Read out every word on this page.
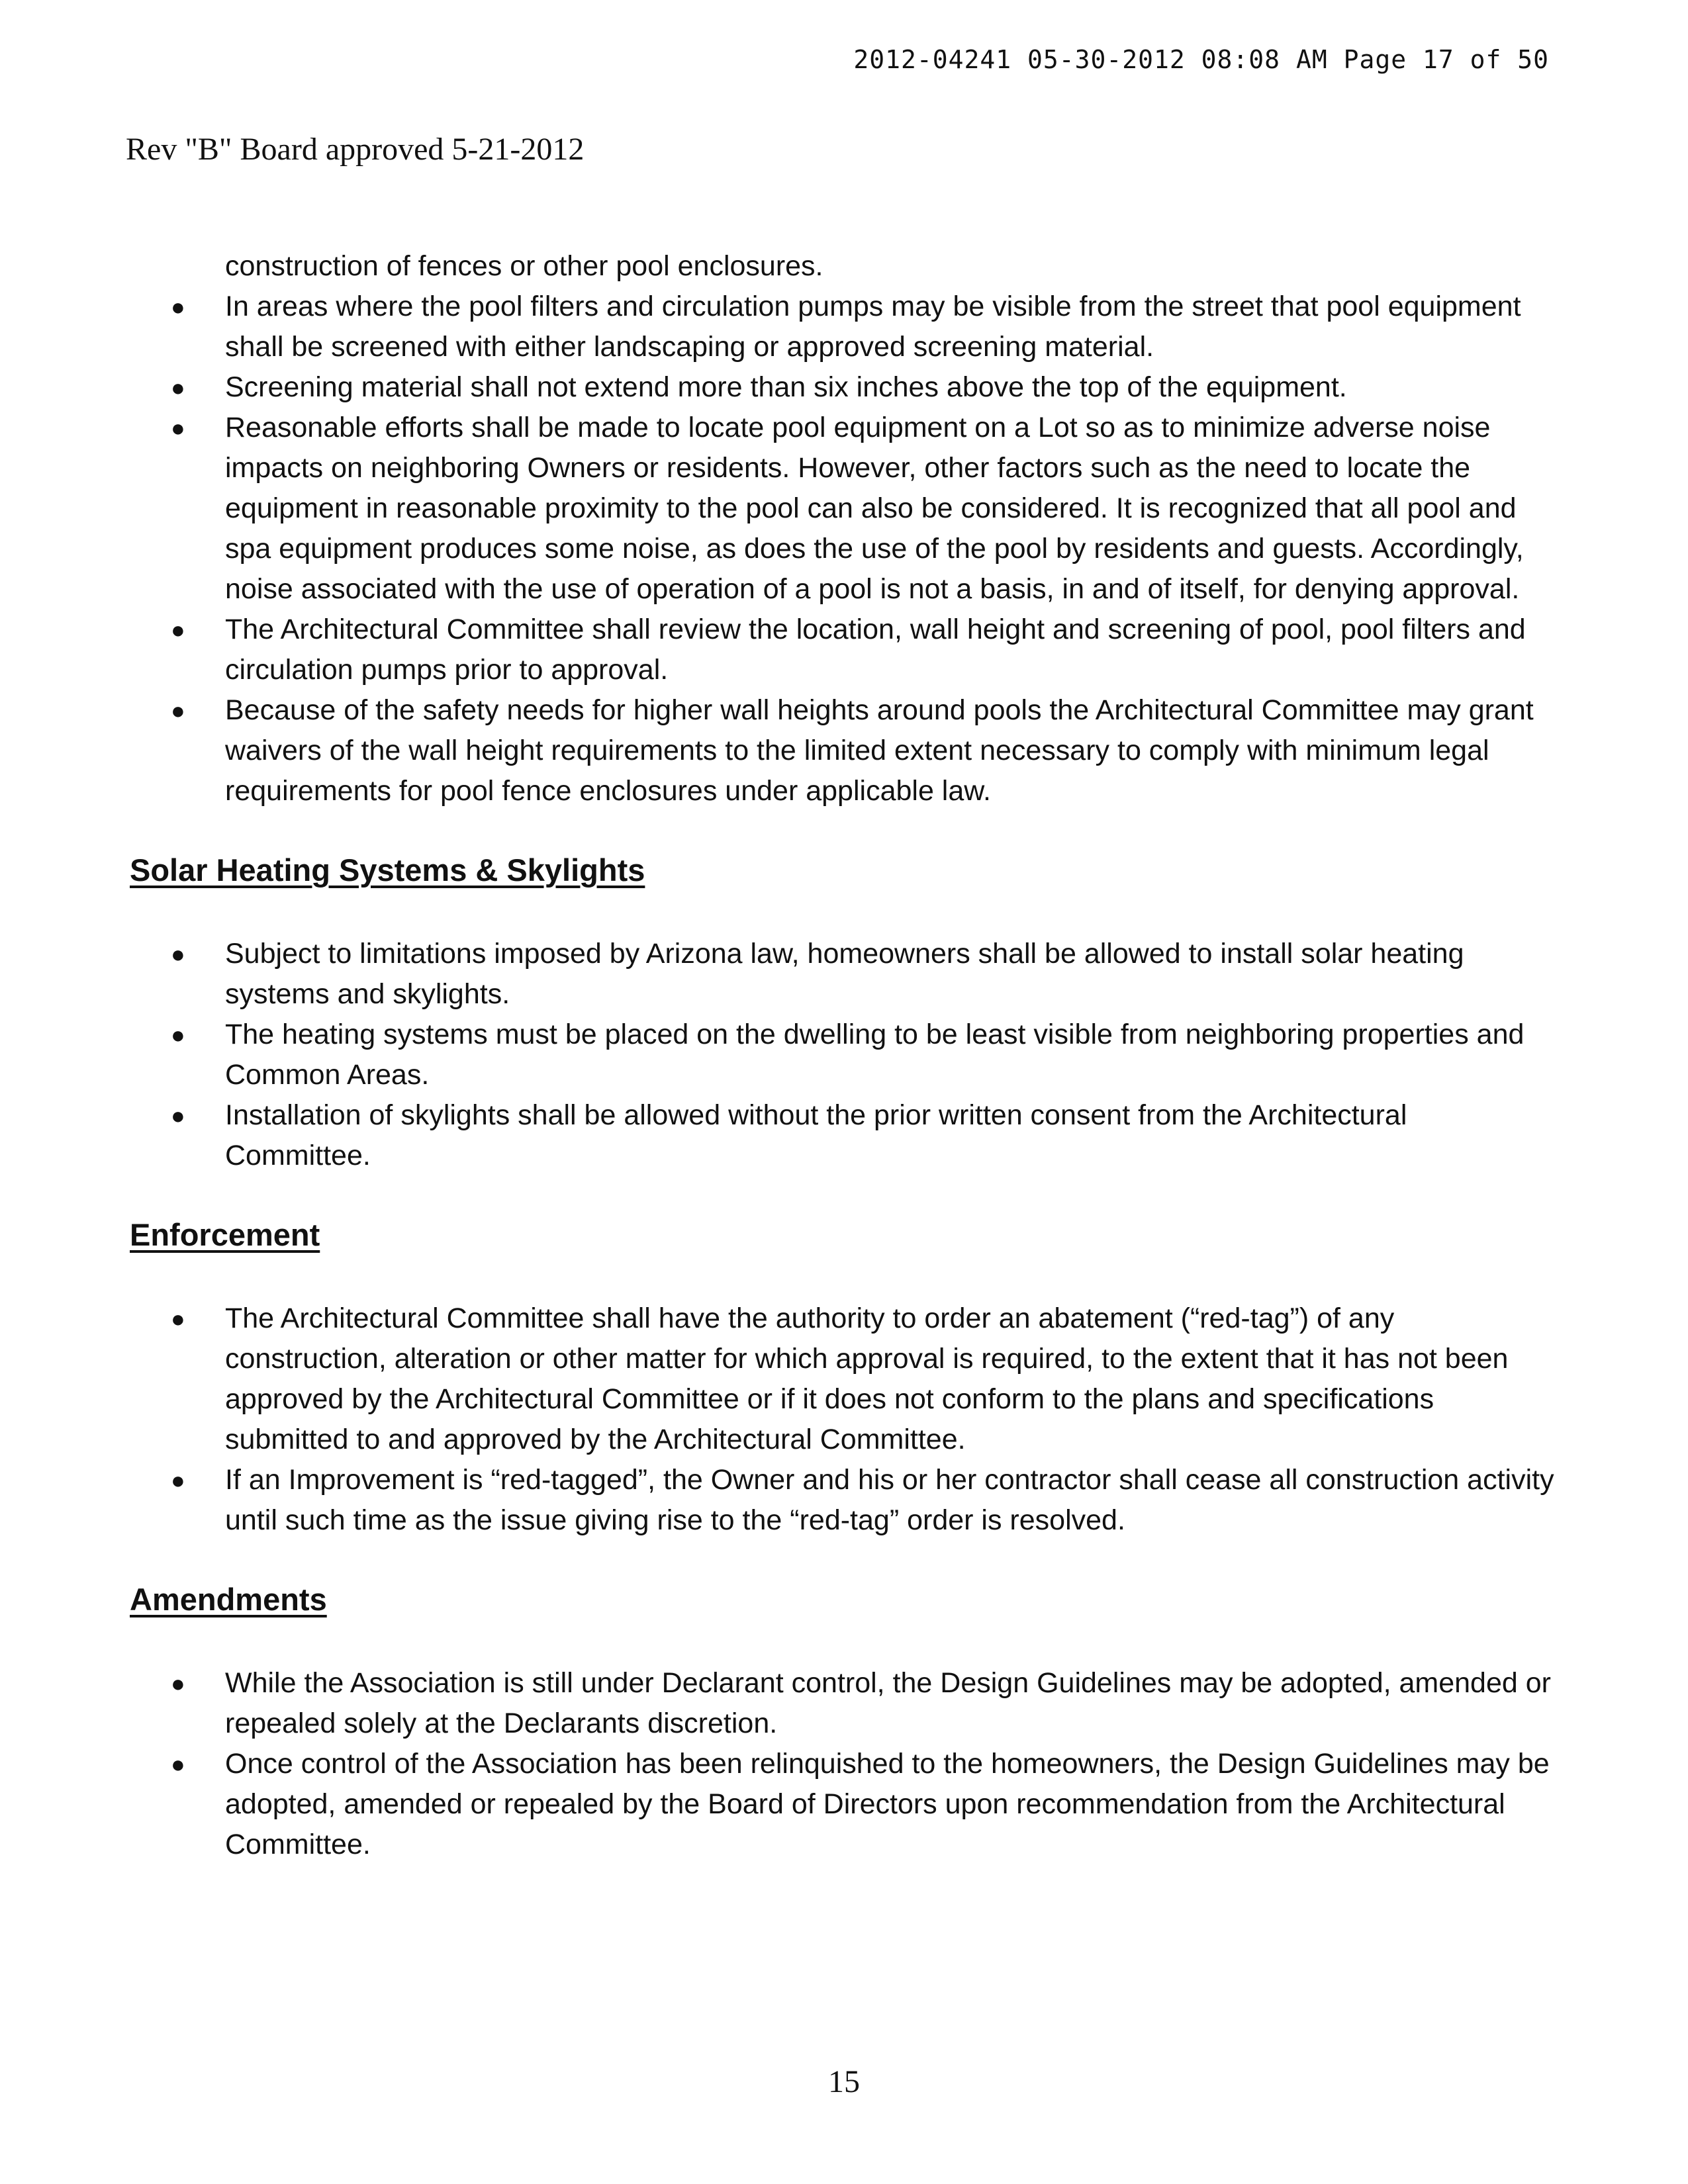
2012-04241 05-30-2012 08:08 AM Page 17 of 50
Rev "B" Board approved 5-21-2012
construction of fences or other pool enclosures.
● In areas where the pool filters and circulation pumps may be visible from the street that pool equipment shall be screened with either landscaping or approved screening material.
● Screening material shall not extend more than six inches above the top of the equipment.
● Reasonable efforts shall be made to locate pool equipment on a Lot so as to minimize adverse noise impacts on neighboring Owners or residents. However, other factors such as the need to locate the equipment in reasonable proximity to the pool can also be considered. It is recognized that all pool and spa equipment produces some noise, as does the use of the pool by residents and guests. Accordingly, noise associated with the use of operation of a pool is not a basis, in and of itself, for denying approval.
● The Architectural Committee shall review the location, wall height and screening of pool, pool filters and circulation pumps prior to approval.
● Because of the safety needs for higher wall heights around pools the Architectural Committee may grant waivers of the wall height requirements to the limited extent necessary to comply with minimum legal requirements for pool fence enclosures under applicable law.
Solar Heating Systems & Skylights
● Subject to limitations imposed by Arizona law, homeowners shall be allowed to install solar heating systems and skylights.
● The heating systems must be placed on the dwelling to be least visible from neighboring properties and Common Areas.
● Installation of skylights shall be allowed without the prior written consent from the Architectural Committee.
Enforcement
● The Architectural Committee shall have the authority to order an abatement (“red-tag”) of any construction, alteration or other matter for which approval is required, to the extent that it has not been approved by the Architectural Committee or if it does not conform to the plans and specifications submitted to and approved by the Architectural Committee.
● If an Improvement is “red-tagged”, the Owner and his or her contractor shall cease all construction activity until such time as the issue giving rise to the “red-tag” order is resolved.
Amendments
● While the Association is still under Declarant control, the Design Guidelines may be adopted, amended or repealed solely at the Declarants discretion.
● Once control of the Association has been relinquished to the homeowners, the Design Guidelines may be adopted, amended or repealed by the Board of Directors upon recommendation from the Architectural Committee.
15
